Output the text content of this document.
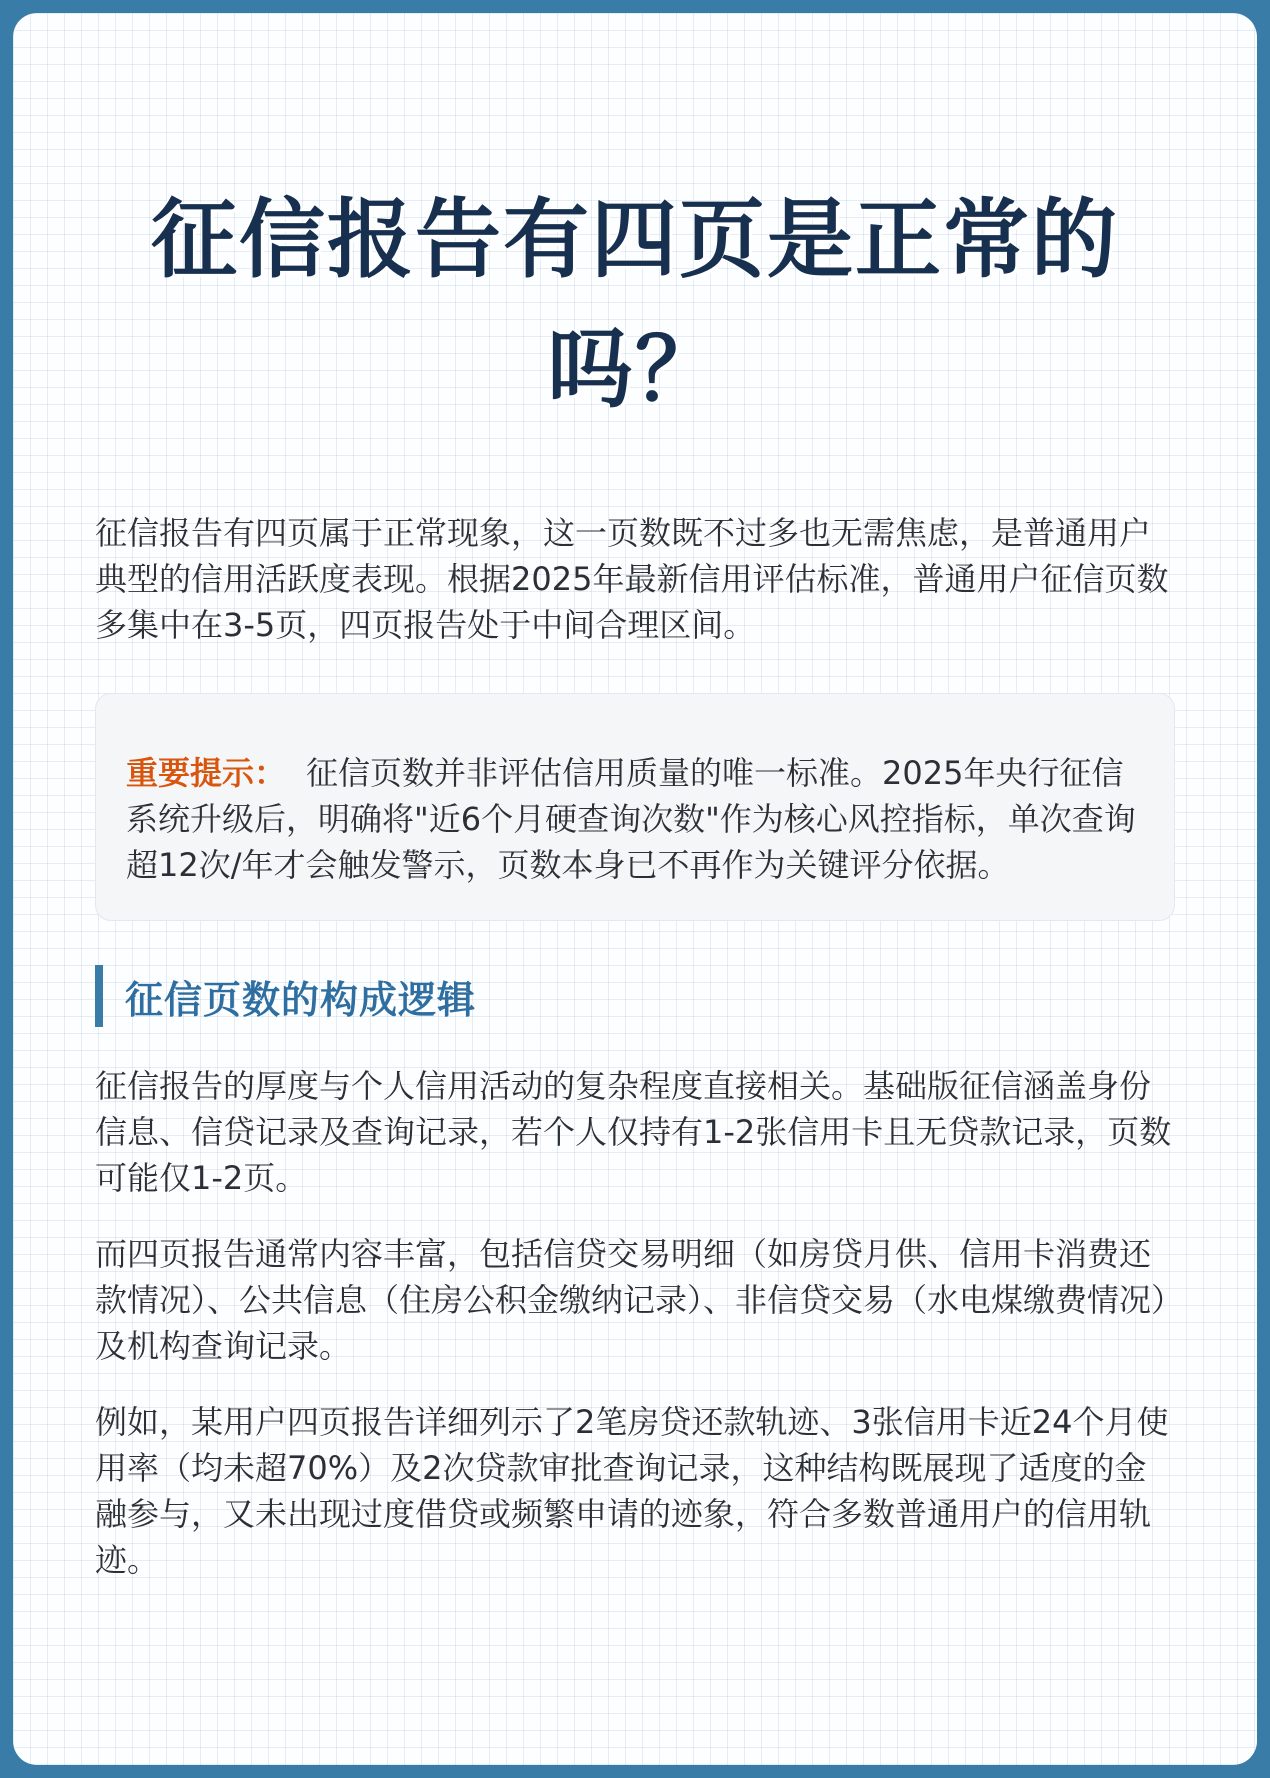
征信报告有四页是正常的吗？

征信报告有四页属于正常现象，这一页数既不过多也无需焦虑，是普通用户典型的信用活跃度表现。根据2025年最新信用评估标准，普通用户征信页数多集中在3-5页，四页报告处于中间合理区间。

重要提示： 征信页数并非评估信用质量的唯一标准。2025年央行征信系统升级后，明确将"近6个月硬查询次数"作为核心风控指标，单次查询超12次/年才会触发警示，页数本身已不再作为关键评分依据。

征信页数的构成逻辑

征信报告的厚度与个人信用活动的复杂程度直接相关。基础版征信涵盖身份信息、信贷记录及查询记录，若个人仅持有1-2张信用卡且无贷款记录，页数可能仅1-2页。

而四页报告通常内容丰富，包括信贷交易明细（如房贷月供、信用卡消费还款情况）、公共信息（住房公积金缴纳记录）、非信贷交易（水电煤缴费情况）及机构查询记录。

例如，某用户四页报告详细列示了2笔房贷还款轨迹、3张信用卡近24个月使用率（均未超70%）及2次贷款审批查询记录，这种结构既展现了适度的金融参与，又未出现过度借贷或频繁申请的迹象，符合多数普通用户的信用轨迹。
